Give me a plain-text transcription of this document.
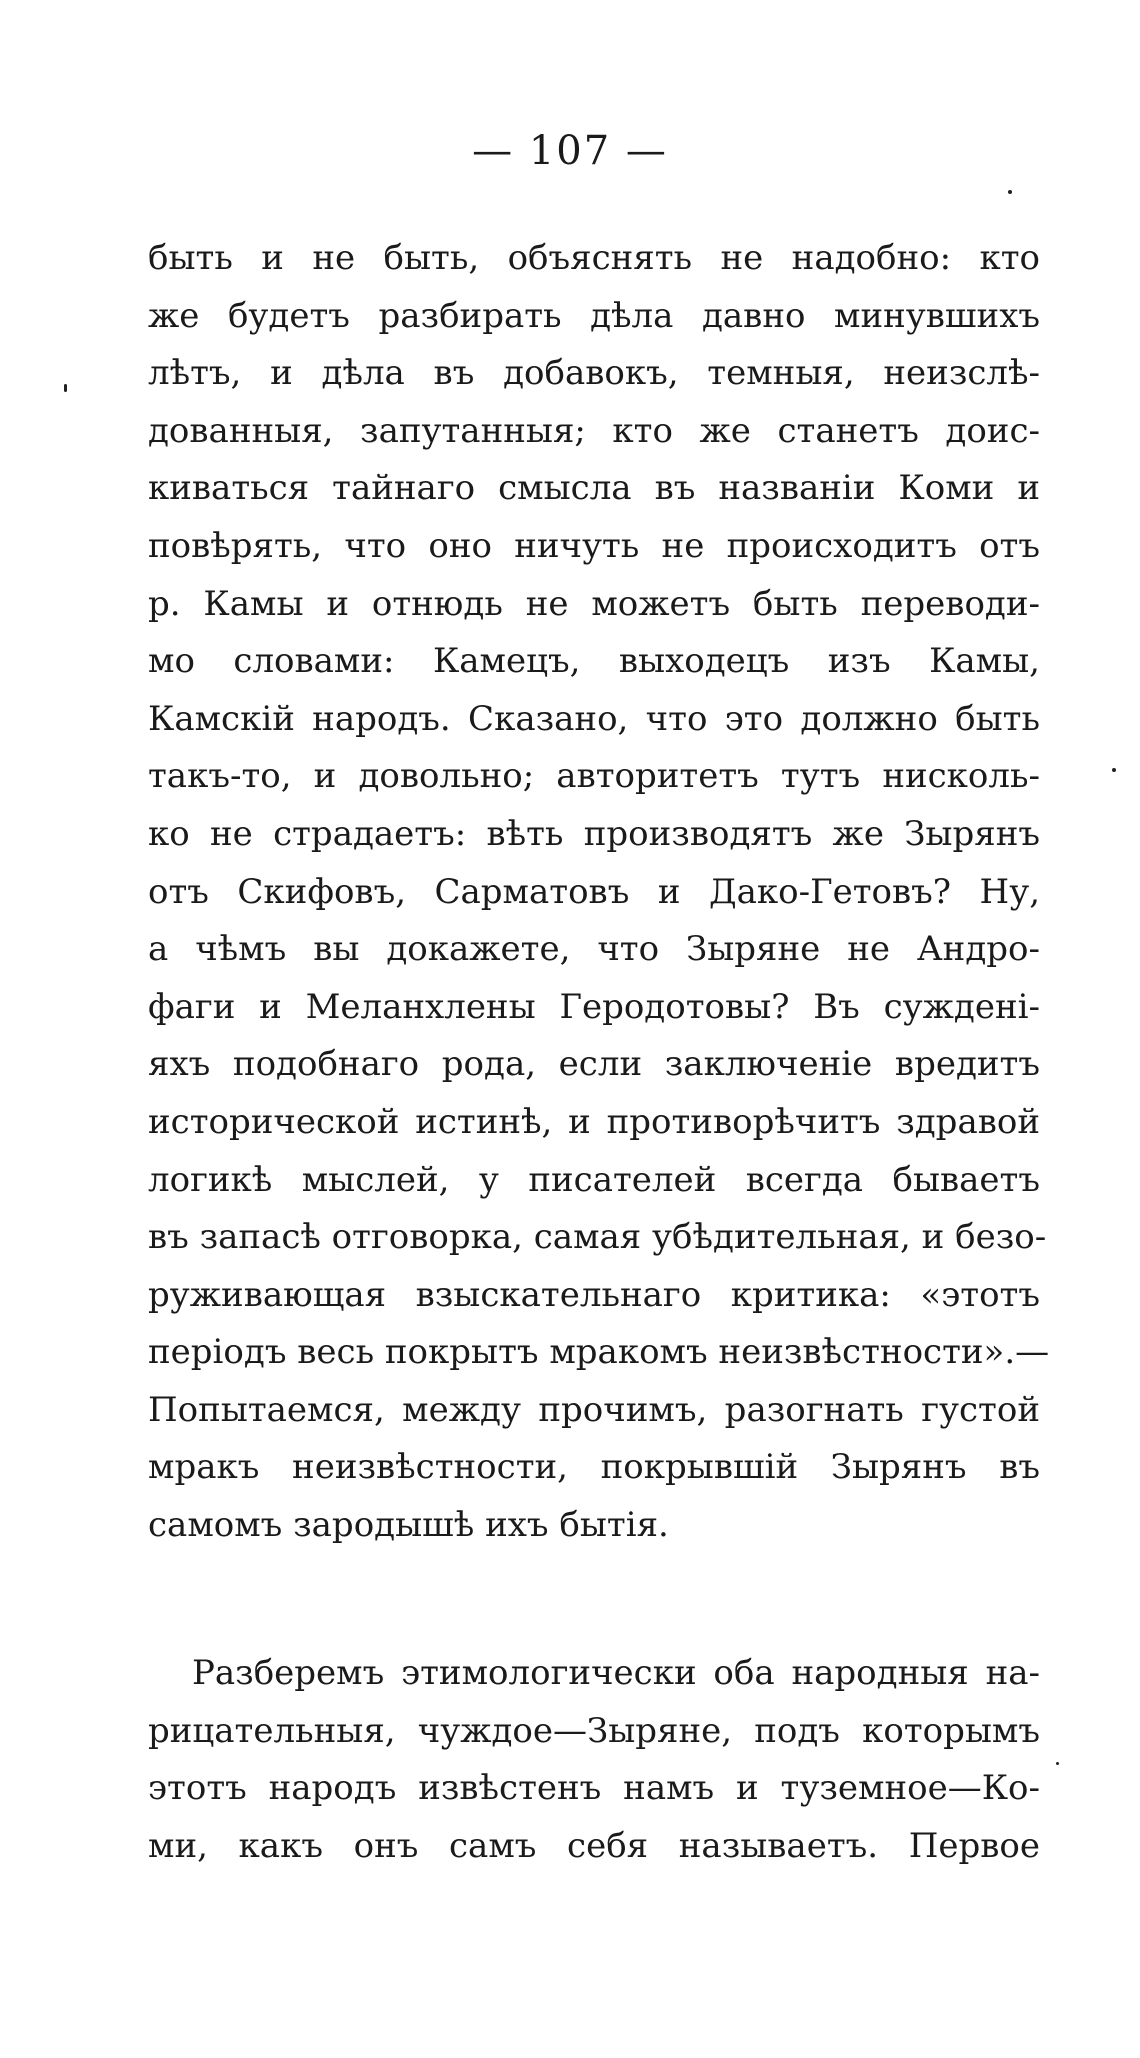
— 107 —
быть и не быть, объяснять не надобно: кто
же будетъ разбирать дѣла давно минувшихъ
лѣтъ, и дѣла въ добавокъ, темныя, неизслѣ-
дованныя, запутанныя; кто же станетъ доис-
киваться тайнаго смысла въ названіи Коми и
повѣрять, что оно ничуть не происходитъ отъ
р. Камы и отнюдь не можетъ быть переводи-
мо словами: Камецъ, выходецъ изъ Камы,
Камскій народъ. Сказано, что это должно быть
такъ-то, и довольно; авторитетъ тутъ нисколь-
ко не страдаетъ: вѣть производятъ же Зырянъ
отъ Скифовъ, Сарматовъ и Дако-Гетовъ? Ну,
а чѣмъ вы докажете, что Зыряне не Андро-
фаги и Меланхлены Геродотовы? Въ суждені-
яхъ подобнаго рода, если заключеніе вредитъ
исторической истинѣ, и противорѣчитъ здравой
логикѣ мыслей, у писателей всегда бываетъ
въ запасѣ отговорка, самая убѣдительная, и безо-
руживающая взыскательнаго критика: «этотъ
періодъ весь покрытъ мракомъ неизвѣстности».—
Попытаемся, между прочимъ, разогнать густой
мракъ неизвѣстности, покрывшій Зырянъ въ
самомъ зародышѣ ихъ бытія.
Разберемъ этимологически оба народныя на-
рицательныя, чуждое—Зыряне, подъ которымъ
этотъ народъ извѣстенъ намъ и туземное—Ко-
ми, какъ онъ самъ себя называетъ. Первое
